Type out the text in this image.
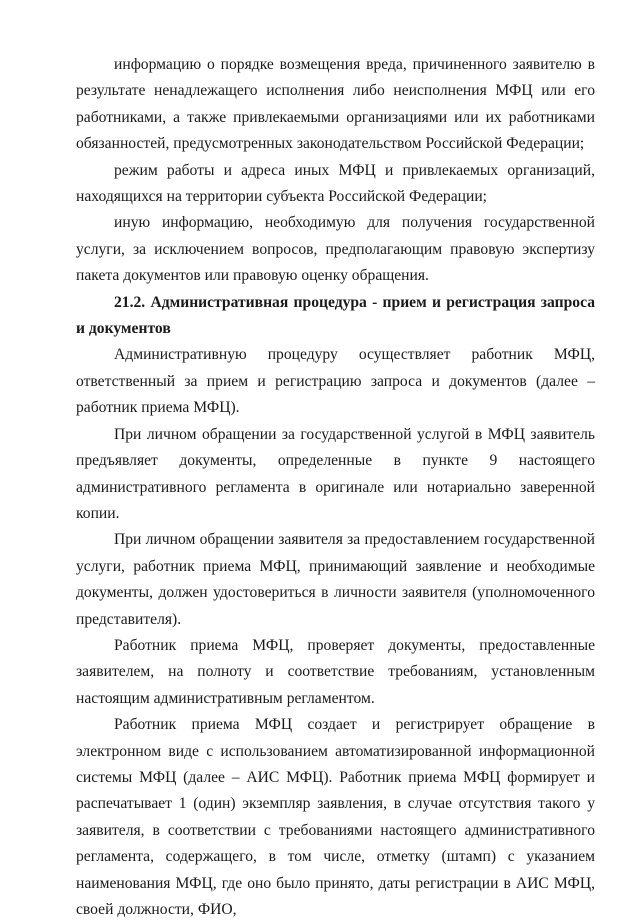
информацию о порядке возмещения вреда, причиненного заявителю в результате ненадлежащего исполнения либо неисполнения МФЦ или его работниками, а также привлекаемыми организациями или их работниками обязанностей, предусмотренных законодательством Российской Федерации;

режим работы и адреса иных МФЦ и привлекаемых организаций, находящихся на территории субъекта Российской Федерации;

иную информацию, необходимую для получения государственной услуги, за исключением вопросов, предполагающим правовую экспертизу пакета документов или правовую оценку обращения.

21.2. Административная процедура - прием и регистрация запроса и документов

Административную процедуру осуществляет работник МФЦ, ответственный за прием и регистрацию запроса и документов (далее – работник приема МФЦ).

При личном обращении за государственной услугой в МФЦ заявитель предъявляет документы, определенные в пункте 9 настоящего административного регламента в оригинале или нотариально заверенной копии.

При личном обращении заявителя за предоставлением государственной услуги, работник приема МФЦ, принимающий заявление и необходимые документы, должен удостовериться в личности заявителя (уполномоченного представителя).

Работник приема МФЦ, проверяет документы, предоставленные заявителем, на полноту и соответствие требованиям, установленным настоящим административным регламентом.

Работник приема МФЦ создает и регистрирует обращение в электронном виде с использованием автоматизированной информационной системы МФЦ (далее – АИС МФЦ). Работник приема МФЦ формирует и распечатывает 1 (один) экземпляр заявления, в случае отсутствия такого у заявителя, в соответствии с требованиями настоящего административного регламента, содержащего, в том числе, отметку (штамп) с указанием наименования МФЦ, где оно было принято, даты регистрации в АИС МФЦ, своей должности, ФИО,
